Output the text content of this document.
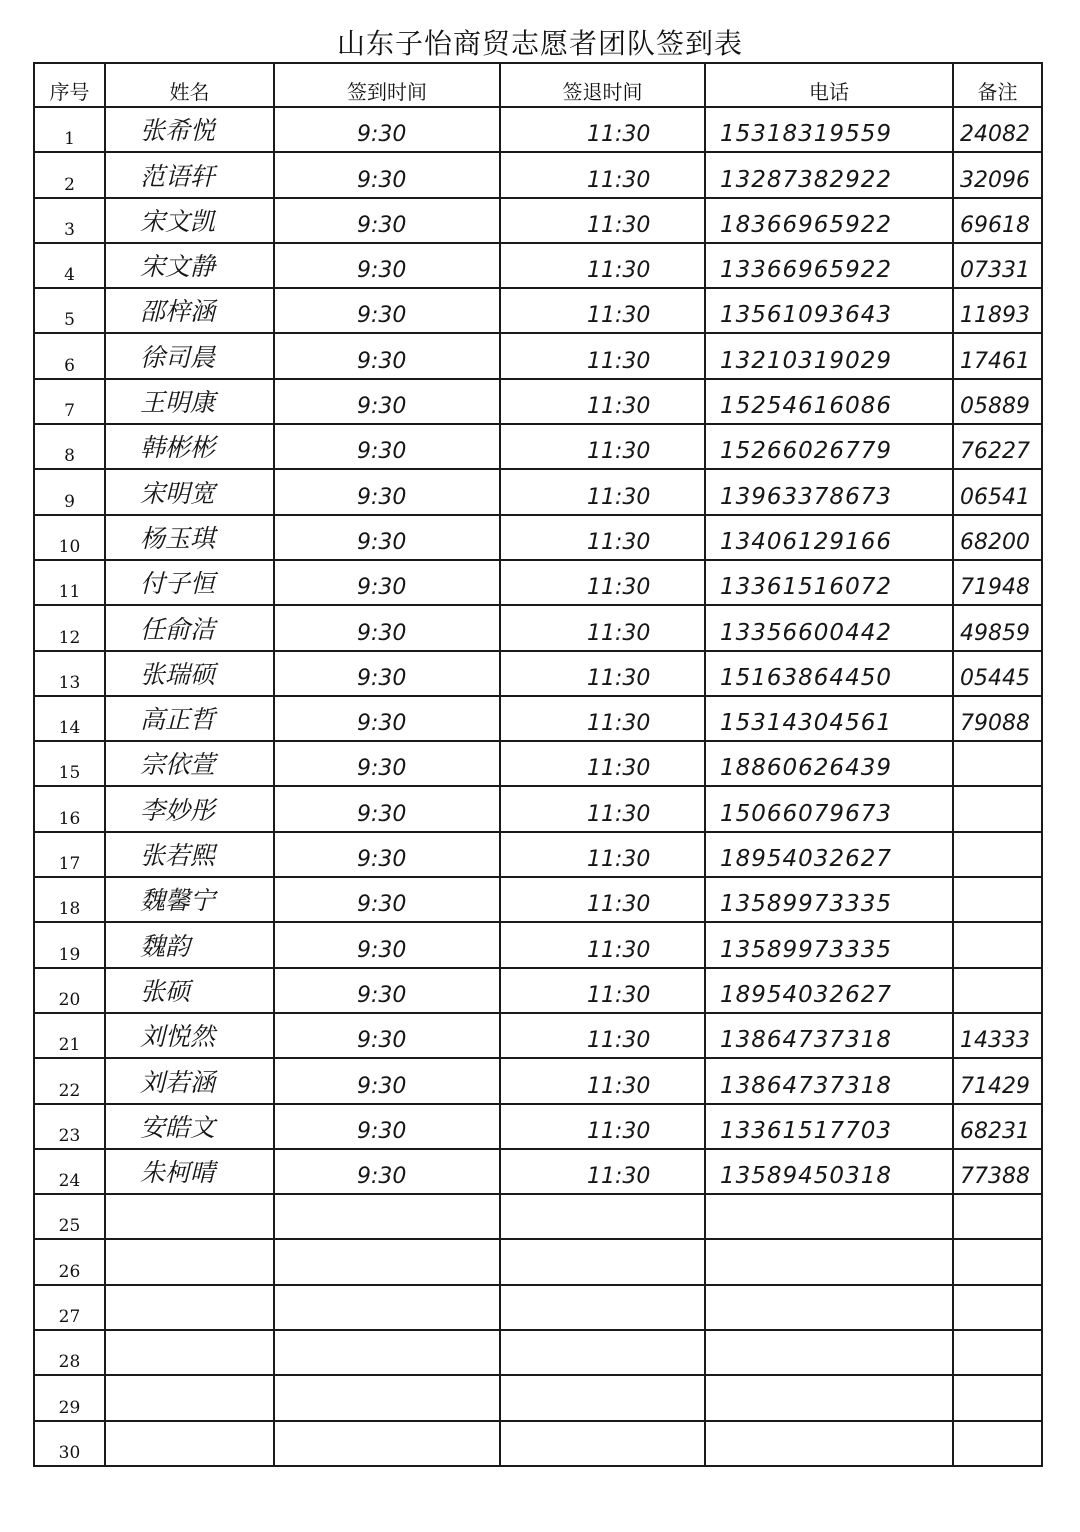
山东子怡商贸志愿者团队签到表
序号	姓名	签到时间	签退时间	电话	备注
1	张希悦	9:30	11:30	15318319559	24082
2	范语轩	9:30	11:30	13287382922	32096
3	宋文凯	9:30	11:30	18366965922	69618
4	宋文静	9:30	11:30	13366965922	07331
5	邵梓涵	9:30	11:30	13561093643	11893
6	徐司晨	9:30	11:30	13210319029	17461
7	王明康	9:30	11:30	15254616086	05889
8	韩彬彬	9:30	11:30	15266026779	76227
9	宋明宽	9:30	11:30	13963378673	06541
10	杨玉琪	9:30	11:30	13406129166	68200
11	付子恒	9:30	11:30	13361516072	71948
12	任俞洁	9:30	11:30	13356600442	49859
13	张瑞硕	9:30	11:30	15163864450	05445
14	高正哲	9:30	11:30	15314304561	79088
15	宗依萱	9:30	11:30	18860626439	
16	李妙彤	9:30	11:30	15066079673	
17	张若熙	9:30	11:30	18954032627	
18	魏馨宁	9:30	11:30	13589973335	
19	魏韵	9:30	11:30	13589973335	
20	张硕	9:30	11:30	18954032627	
21	刘悦然	9:30	11:30	13864737318	14333
22	刘若涵	9:30	11:30	13864737318	71429
23	安皓文	9:30	11:30	13361517703	68231
24	朱柯晴	9:30	11:30	13589450318	77388
25					
26					
27					
28					
29					
30					
